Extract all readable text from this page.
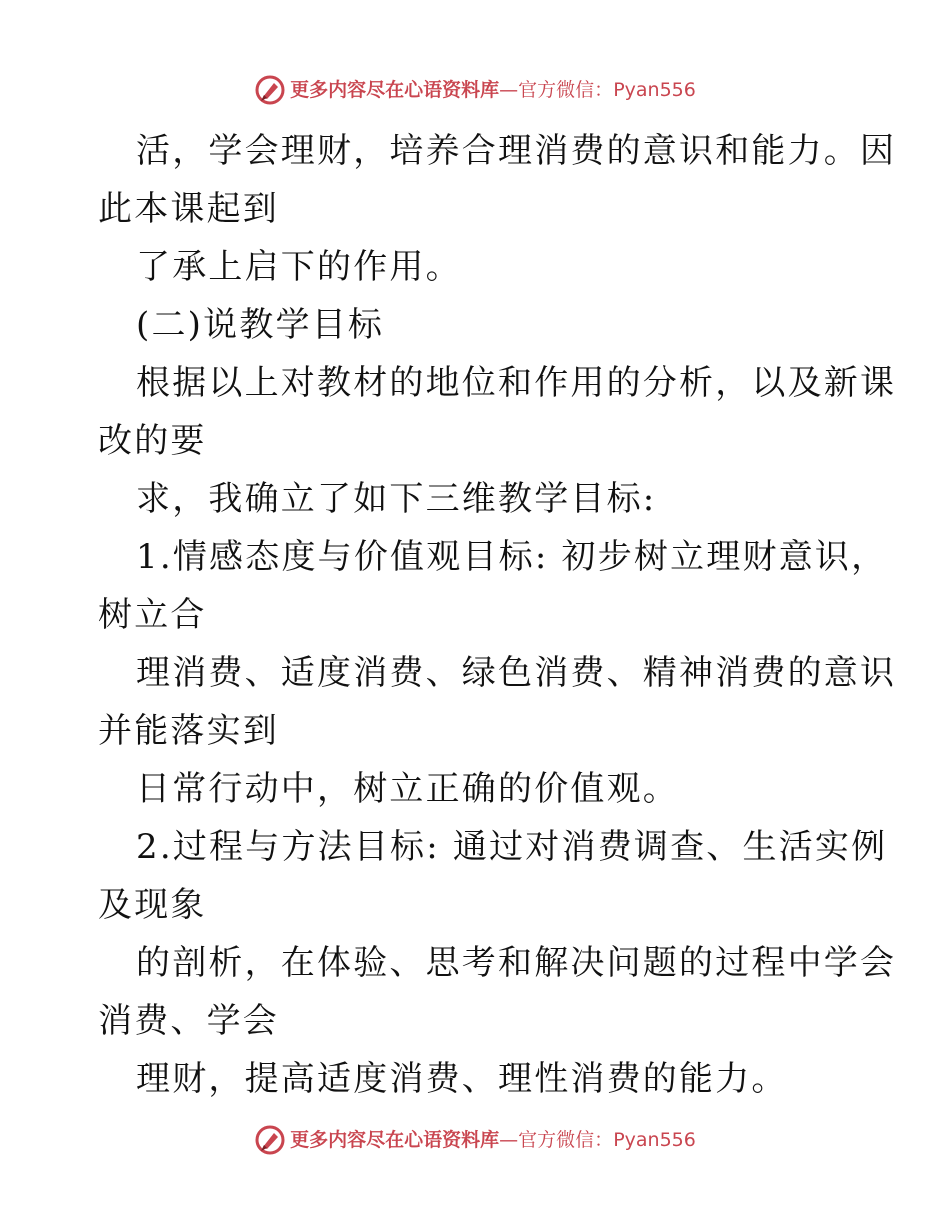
更多内容尽在心语资料库 — 官方微信： Pyan556
活，学会理财，培养合理消费的意识和能力。因
此本课起到
了承上启下的作用。
(二)说教学目标
根据以上对教材的地位和作用的分析，以及新课
改的要
求，我确立了如下三维教学目标:
1.情感态度与价值观目标: 初步树立理财意识，
树立合
理消费、适度消费、绿色消费、精神消费的意识
并能落实到
日常行动中，树立正确的价值观。
2.过程与方法目标: 通过对消费调查、生活实例
及现象
的剖析，在体验、思考和解决问题的过程中学会
消费、学会
理财，提高适度消费、理性消费的能力。
更多内容尽在心语资料库 — 官方微信： Pyan556
